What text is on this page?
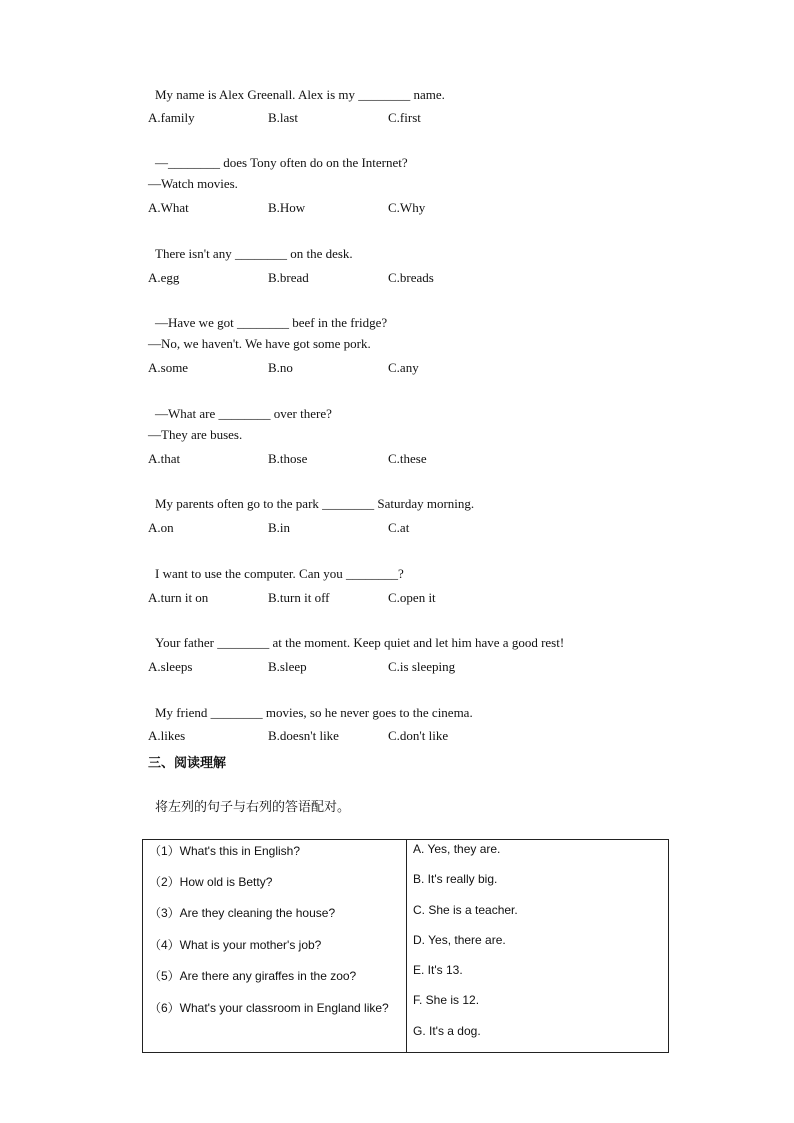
My name is Alex Greenall. Alex is my ________ name.
A.family	B.last	C.first
—________ does Tony often do on the Internet?
—Watch movies.
A.What	B.How	C.Why
There isn't any ________ on the desk.
A.egg	B.bread	C.breads
—Have we got ________ beef in the fridge?
—No, we haven't. We have got some pork.
A.some	B.no	C.any
—What are ________ over there?
—They are buses.
A.that	B.those	C.these
My parents often go to the park ________ Saturday morning.
A.on	B.in	C.at
I want to use the computer. Can you ________?
A.turn it on	B.turn it off	C.open it
Your father ________ at the moment. Keep quiet and let him have a good rest!
A.sleeps	B.sleep	C.is sleeping
My friend ________ movies, so he never goes to the cinema.
A.likes	B.doesn't like	C.don't like
三、阅读理解
将左列的句子与右列的答语配对。
（1）What's this in English?
（2）How old is Betty?
（3）Are they cleaning the house?
（4）What is your mother's job?
（5）Are there any giraffes in the zoo?
（6）What's your classroom in England like?
A. Yes, they are.
B. It's really big.
C. She is a teacher.
D. Yes, there are.
E. It's 13.
F. She is 12.
G. It's a dog.
